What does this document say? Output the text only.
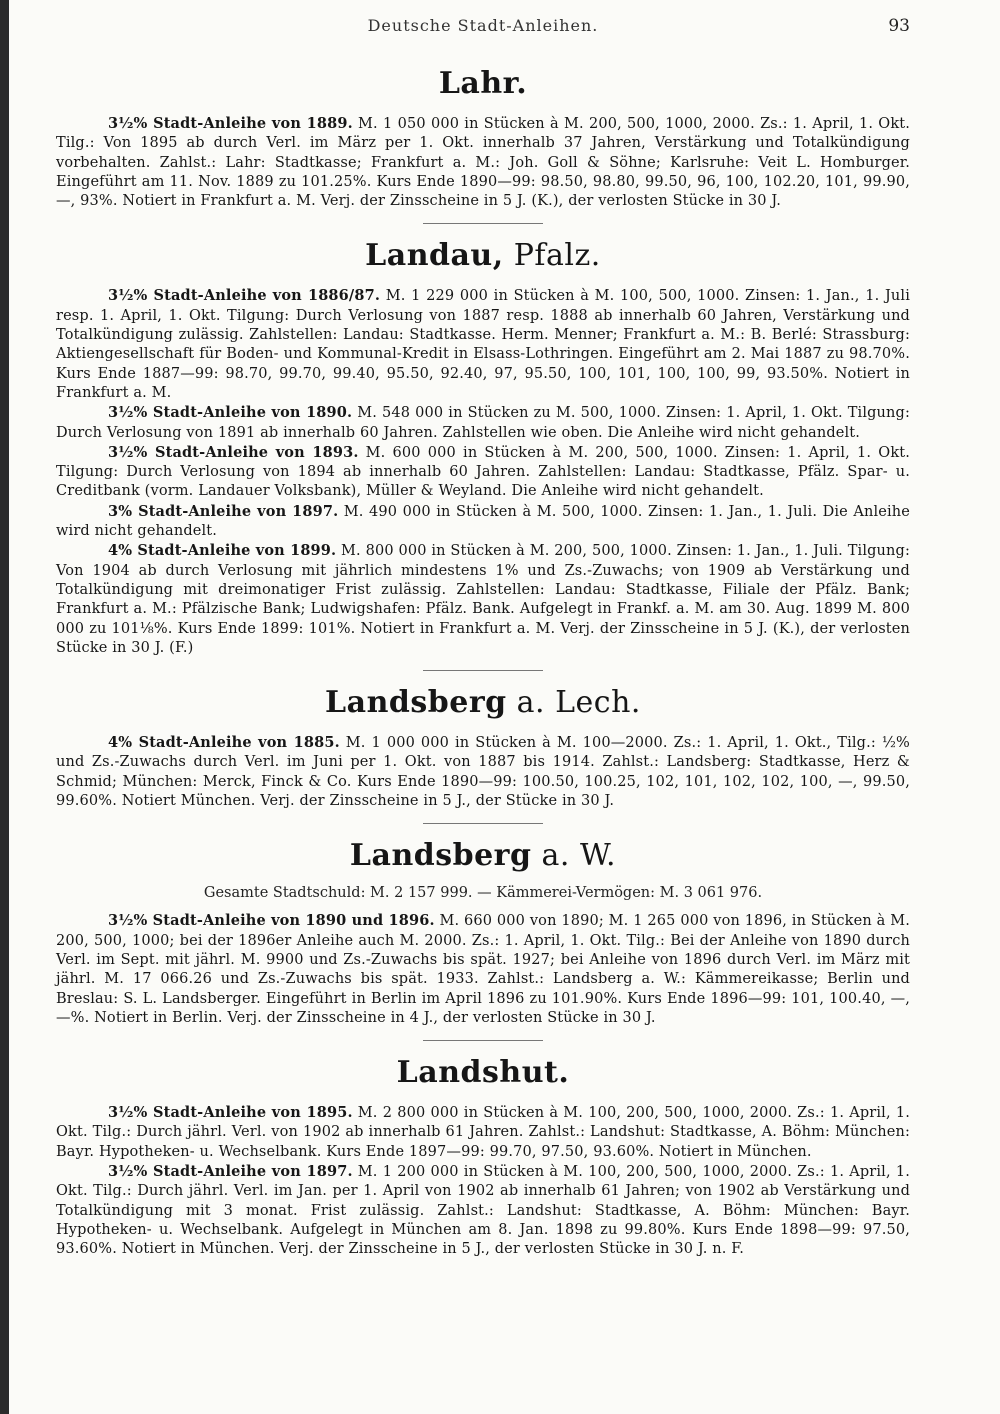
Deutsche Stadt-Anleihen.	93
Lahr.

3½% Stadt-Anleihe von 1889. M. 1 050 000 in Stücken à M. 200, 500, 1000, 2000. Zs.: 1. April, 1. Okt. Tilg.: Von 1895 ab durch Verl. im März per 1. Okt. innerhalb 37 Jahren, Verstärkung und Totalkündigung vorbehalten. Zahlst.: Lahr: Stadtkasse; Frankfurt a. M.: Joh. Goll & Söhne; Karlsruhe: Veit L. Homburger. Eingeführt am 11. Nov. 1889 zu 101.25%. Kurs Ende 1890—99: 98.50, 98.80, 99.50, 96, 100, 102.20, 101, 99.90, —, 93%. Notiert in Frankfurt a. M. Verj. der Zinsscheine in 5 J. (K.), der verlosten Stücke in 30 J.

Landau, Pfalz.

3½% Stadt-Anleihe von 1886/87. M. 1 229 000 in Stücken à M. 100, 500, 1000. Zinsen: 1. Jan., 1. Juli resp. 1. April, 1. Okt. Tilgung: Durch Verlosung von 1887 resp. 1888 ab innerhalb 60 Jahren, Verstärkung und Totalkündigung zulässig. Zahlstellen: Landau: Stadtkasse. Herm. Menner; Frankfurt a. M.: B. Berlé: Strassburg: Aktiengesellschaft für Boden- und Kommunal-Kredit in Elsass-Lothringen. Eingeführt am 2. Mai 1887 zu 98.70%. Kurs Ende 1887—99: 98.70, 99.70, 99.40, 95.50, 92.40, 97, 95.50, 100, 101, 100, 100, 99, 93.50%. Notiert in Frankfurt a. M.

3½% Stadt-Anleihe von 1890. M. 548 000 in Stücken zu M. 500, 1000. Zinsen: 1. April, 1. Okt. Tilgung: Durch Verlosung von 1891 ab innerhalb 60 Jahren. Zahlstellen wie oben. Die Anleihe wird nicht gehandelt.

3½% Stadt-Anleihe von 1893. M. 600 000 in Stücken à M. 200, 500, 1000. Zinsen: 1. April, 1. Okt. Tilgung: Durch Verlosung von 1894 ab innerhalb 60 Jahren. Zahlstellen: Landau: Stadtkasse, Pfälz. Spar- u. Creditbank (vorm. Landauer Volksbank), Müller & Weyland. Die Anleihe wird nicht gehandelt.

3% Stadt-Anleihe von 1897. M. 490 000 in Stücken à M. 500, 1000. Zinsen: 1. Jan., 1. Juli. Die Anleihe wird nicht gehandelt.

4% Stadt-Anleihe von 1899. M. 800 000 in Stücken à M. 200, 500, 1000. Zinsen: 1. Jan., 1. Juli. Tilgung: Von 1904 ab durch Verlosung mit jährlich mindestens 1% und Zs.-Zuwachs; von 1909 ab Verstärkung und Totalkündigung mit dreimonatiger Frist zulässig. Zahlstellen: Landau: Stadtkasse, Filiale der Pfälz. Bank; Frankfurt a. M.: Pfälzische Bank; Ludwigshafen: Pfälz. Bank. Aufgelegt in Frankf. a. M. am 30. Aug. 1899 M. 800 000 zu 101⅛%. Kurs Ende 1899: 101%. Notiert in Frankfurt a. M. Verj. der Zinsscheine in 5 J. (K.), der verlosten Stücke in 30 J. (F.)

Landsberg a. Lech.

4% Stadt-Anleihe von 1885. M. 1 000 000 in Stücken à M. 100—2000. Zs.: 1. April, 1. Okt., Tilg.: ½% und Zs.-Zuwachs durch Verl. im Juni per 1. Okt. von 1887 bis 1914. Zahlst.: Landsberg: Stadtkasse, Herz & Schmid; München: Merck, Finck & Co. Kurs Ende 1890—99: 100.50, 100.25, 102, 101, 102, 102, 100, —, 99.50, 99.60%. Notiert München. Verj. der Zinsscheine in 5 J., der Stücke in 30 J.

Landsberg a. W.
Gesamte Stadtschuld: M. 2 157 999. — Kämmerei-Vermögen: M. 3 061 976.

3½% Stadt-Anleihe von 1890 und 1896. M. 660 000 von 1890; M. 1 265 000 von 1896, in Stücken à M. 200, 500, 1000; bei der 1896er Anleihe auch M. 2000. Zs.: 1. April, 1. Okt. Tilg.: Bei der Anleihe von 1890 durch Verl. im Sept. mit jährl. M. 9900 und Zs.-Zuwachs bis spät. 1927; bei Anleihe von 1896 durch Verl. im März mit jährl. M. 17 066.26 und Zs.-Zuwachs bis spät. 1933. Zahlst.: Landsberg a. W.: Kämmereikasse; Berlin und Breslau: S. L. Landsberger. Eingeführt in Berlin im April 1896 zu 101.90%. Kurs Ende 1896—99: 101, 100.40, —, —%. Notiert in Berlin. Verj. der Zinsscheine in 4 J., der verlosten Stücke in 30 J.

Landshut.

3½% Stadt-Anleihe von 1895. M. 2 800 000 in Stücken à M. 100, 200, 500, 1000, 2000. Zs.: 1. April, 1. Okt. Tilg.: Durch jährl. Verl. von 1902 ab innerhalb 61 Jahren. Zahlst.: Landshut: Stadtkasse, A. Böhm: München: Bayr. Hypotheken- u. Wechselbank. Kurs Ende 1897—99: 99.70, 97.50, 93.60%. Notiert in München.

3½% Stadt-Anleihe von 1897. M. 1 200 000 in Stücken à M. 100, 200, 500, 1000, 2000. Zs.: 1. April, 1. Okt. Tilg.: Durch jährl. Verl. im Jan. per 1. April von 1902 ab innerhalb 61 Jahren; von 1902 ab Verstärkung und Totalkündigung mit 3 monat. Frist zulässig. Zahlst.: Landshut: Stadtkasse, A. Böhm: München: Bayr. Hypotheken- u. Wechselbank. Aufgelegt in München am 8. Jan. 1898 zu 99.80%. Kurs Ende 1898—99: 97.50, 93.60%. Notiert in München. Verj. der Zinsscheine in 5 J., der verlosten Stücke in 30 J. n. F.
